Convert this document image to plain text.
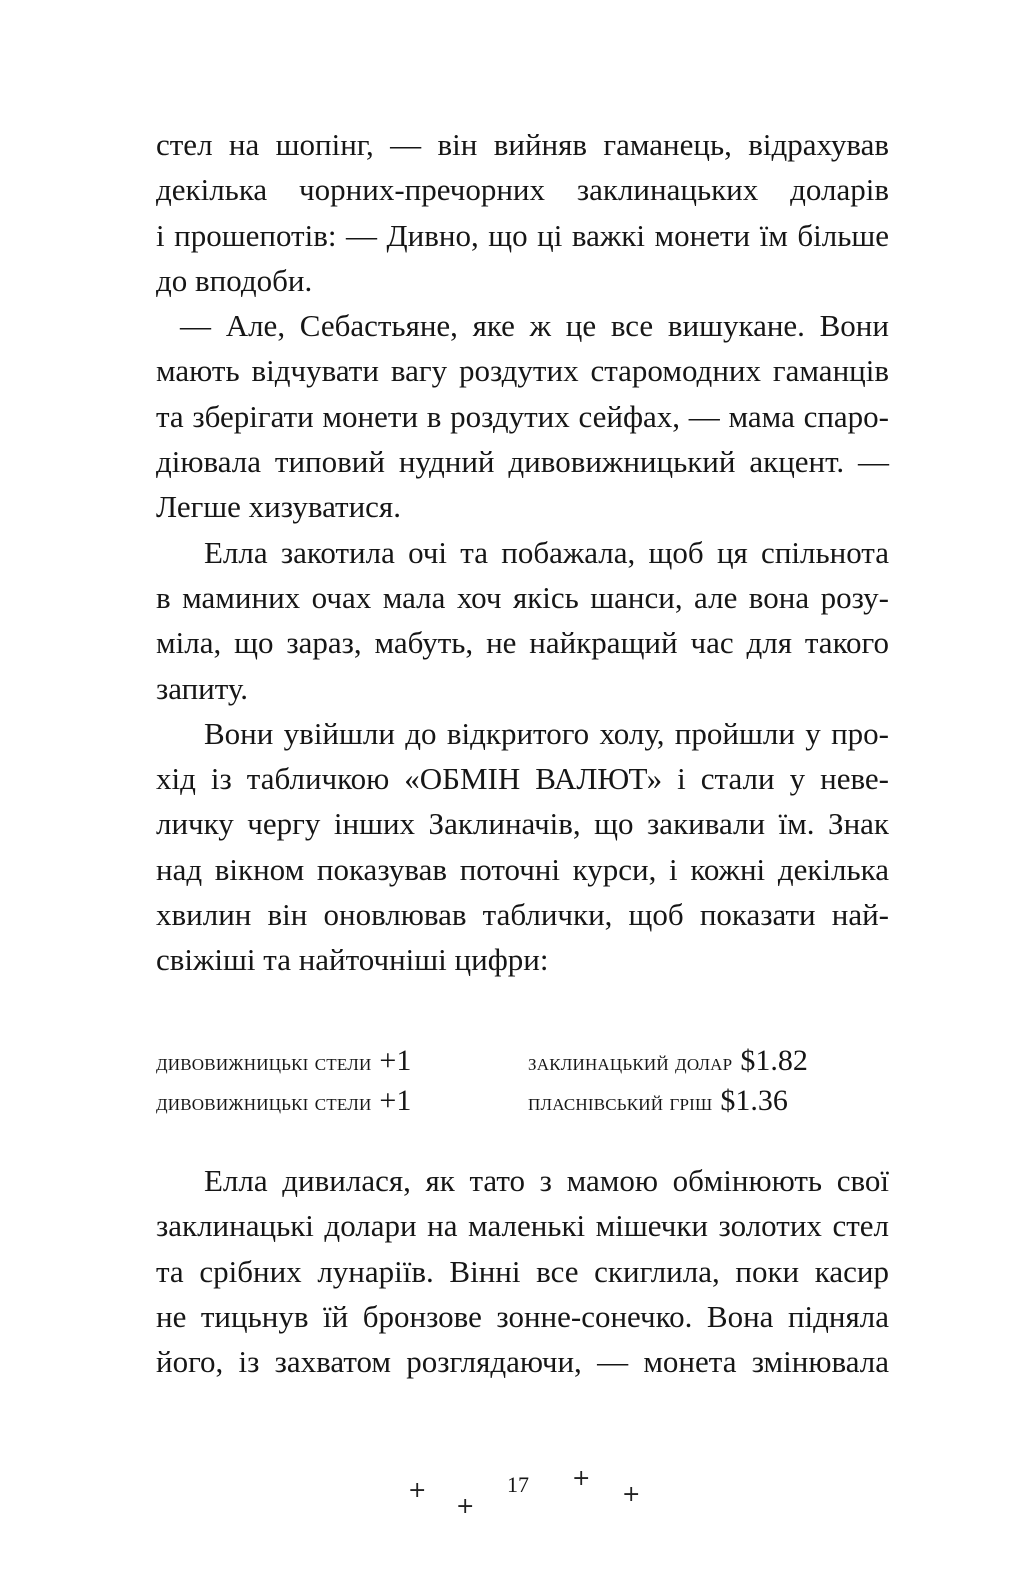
стел на шопінг, — він вийняв гаманець, відрахував
декілька чорних-пречорних заклинацьких доларів
і прошепотів: — Дивно, що ці важкі монети їм більше
до вподоби.
— Але, Себастьяне, яке ж це все вишукане. Вони
мають відчувати вагу роздутих старомодних гаманців
та зберігати монети в роздутих сейфах, — мама спаро-
діювала типовий нудний дивовижницький акцент. —
Легше хизуватися.
Елла закотила очі та побажала, щоб ця спільнота
в маминих очах мала хоч якісь шанси, але вона розу-
міла, що зараз, мабуть, не найкращий час для такого
запиту.
Вони увійшли до відкритого холу, пройшли у про-
хід із табличкою «ОБМІН ВАЛЮТ» і стали у неве-
личку чергу інших Заклиначів, що закивали їм. Знак
над вікном показував поточні курси, і кожні декілька
хвилин він оновлював таблички, щоб показати най-
свіжіші та найточніші цифри:
дивовижницькі стели +1	заклинацький долар $1.82
дивовижницькі стели +1	пласнівський гріш $1.36
Елла дивилася, як тато з мамою обмінюють свої
заклинацькі долари на маленькі мішечки золотих стел
та срібних лунаріїв. Вінні все скиглила, поки касир
не тицьнув їй бронзове зонне-сонечко. Вона підняла
його, із захватом розглядаючи, — монета змінювала
+
+
17	+
+
